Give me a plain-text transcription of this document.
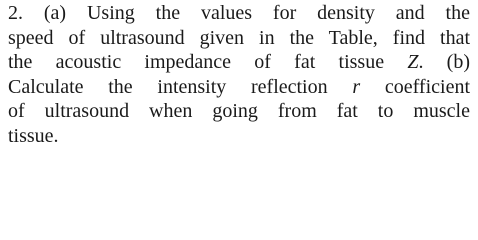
2. (a) Using the values for density and the
speed of ultrasound given in the Table, find that
the acoustic impedance of fat tissue Z. (b)
Calculate the intensity reflection r coefficient
of ultrasound when going from fat to muscle
tissue.
